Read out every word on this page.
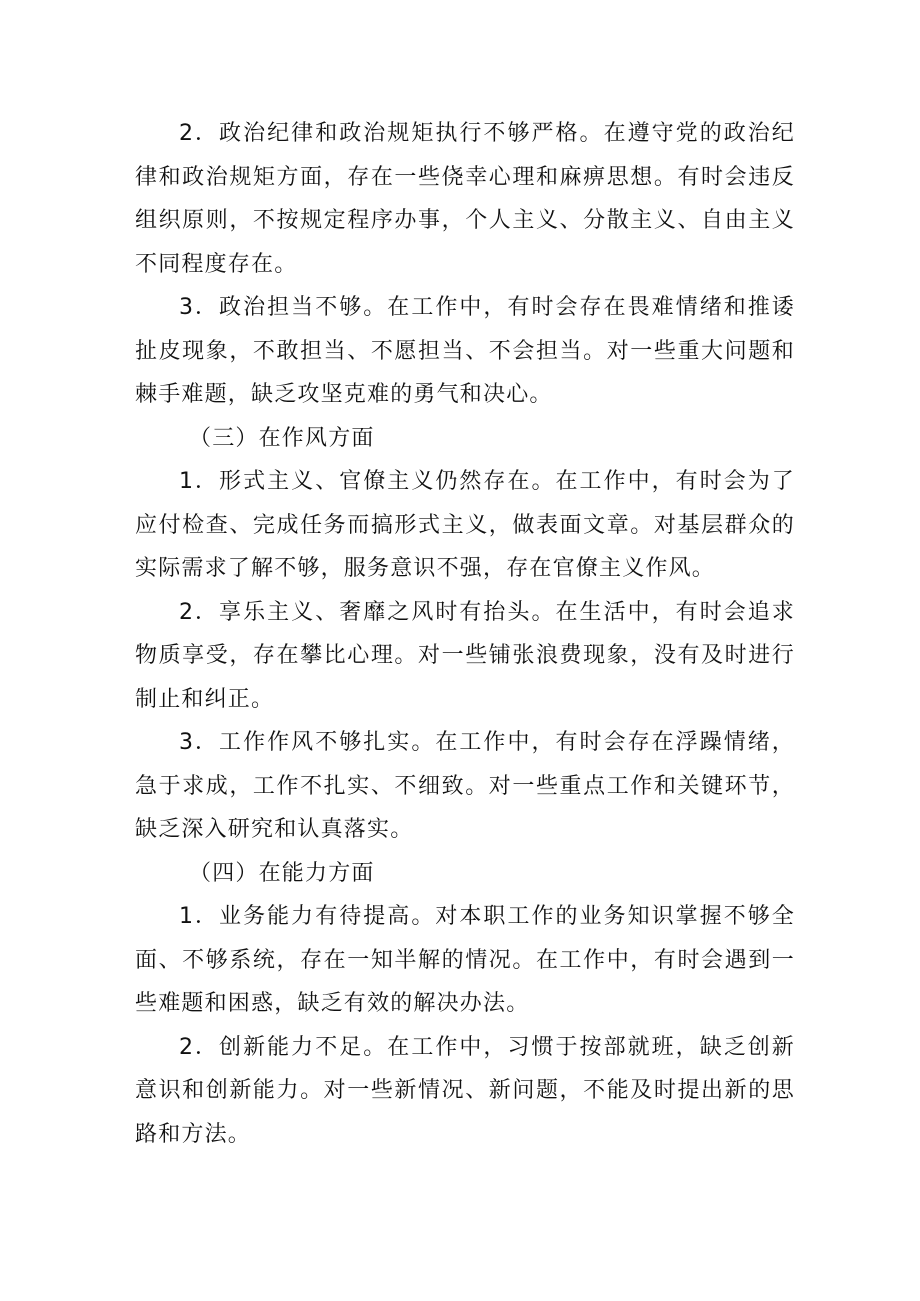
2．政治纪律和政治规矩执行不够严格。在遵守党的政治纪律和政治规矩方面，存在一些侥幸心理和麻痹思想。有时会违反组织原则，不按规定程序办事，个人主义、分散主义、自由主义不同程度存在。

3．政治担当不够。在工作中，有时会存在畏难情绪和推诿扯皮现象，不敢担当、不愿担当、不会担当。对一些重大问题和棘手难题，缺乏攻坚克难的勇气和决心。

（三）在作风方面

1．形式主义、官僚主义仍然存在。在工作中，有时会为了应付检查、完成任务而搞形式主义，做表面文章。对基层群众的实际需求了解不够，服务意识不强，存在官僚主义作风。

2．享乐主义、奢靡之风时有抬头。在生活中，有时会追求物质享受，存在攀比心理。对一些铺张浪费现象，没有及时进行制止和纠正。

3．工作作风不够扎实。在工作中，有时会存在浮躁情绪，急于求成，工作不扎实、不细致。对一些重点工作和关键环节，缺乏深入研究和认真落实。

（四）在能力方面

1．业务能力有待提高。对本职工作的业务知识掌握不够全面、不够系统，存在一知半解的情况。在工作中，有时会遇到一些难题和困惑，缺乏有效的解决办法。

2．创新能力不足。在工作中，习惯于按部就班，缺乏创新意识和创新能力。对一些新情况、新问题，不能及时提出新的思路和方法。
